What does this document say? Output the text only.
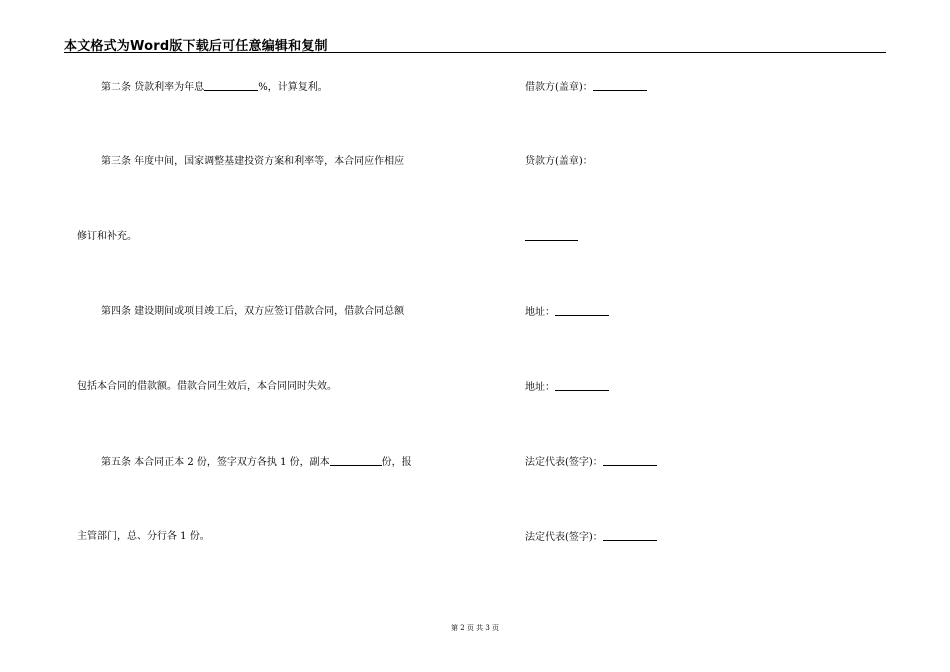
本文格式为Word版下载后可任意编辑和复制
第二条 贷款利率为年息	%，计算复利。
第三条 年度中间，国家调整基建投资方案和利率等，本合同应作相应
修订和补充。
第四条 建设期间或项目竣工后，双方应签订借款合同，借款合同总额
包括本合同的借款额。借款合同生效后，本合同同时失效。
第五条 本合同正本 2 份，签字双方各执 1 份，副本	份，报
主管部门，总、分行各 1 份。
借款方(盖章)：
贷款方(盖章)：
地址：
地址：
法定代表(签字)：
法定代表(签字)：
第 2 页 共 3 页
